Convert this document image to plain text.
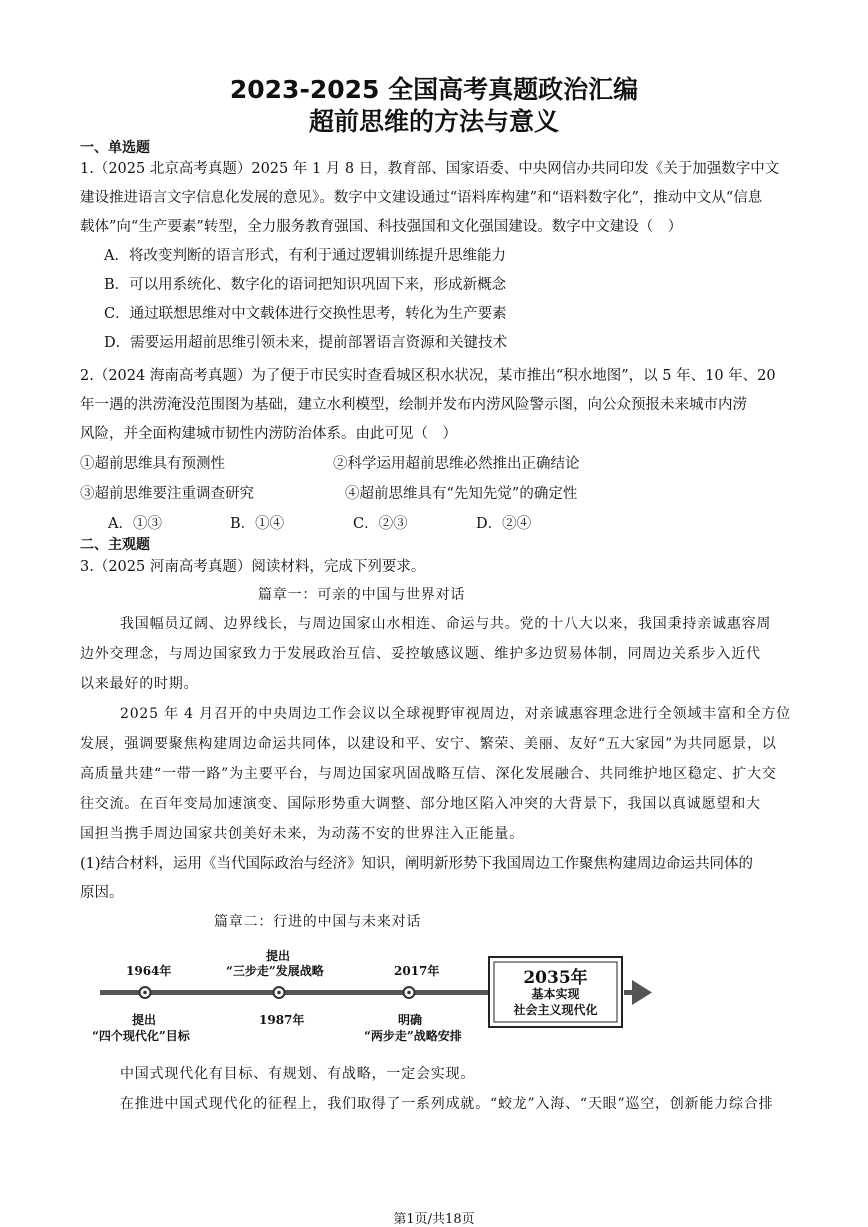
2023-2025 全国高考真题政治汇编
超前思维的方法与意义
一、单选题
1.（2025 北京高考真题）2025 年 1 月 8 日，教育部、国家语委、中央网信办共同印发《关于加强数字中文
建设推进语言文字信息化发展的意见》。数字中文建设通过“语料库构建”和“语料数字化”，推动中文从“信息
载体”向“生产要素”转型，全力服务教育强国、科技强国和文化强国建设。数字中文建设（　）
A．将改变判断的语言形式，有利于通过逻辑训练提升思维能力
B．可以用系统化、数字化的语词把知识巩固下来，形成新概念
C．通过联想思维对中文载体进行交换性思考，转化为生产要素
D．需要运用超前思维引领未来，提前部署语言资源和关键技术
2.（2024 海南高考真题）为了便于市民实时查看城区积水状况，某市推出“积水地图”，以 5 年、10 年、20
年一遇的洪涝淹没范围图为基础，建立水利模型，绘制并发布内涝风险警示图，向公众预报未来城市内涝
风险，并全面构建城市韧性内涝防治体系。由此可见（　）
①超前思维具有预测性	②科学运用超前思维必然推出正确结论
③超前思维要注重调查研究	④超前思维具有“先知先觉”的确定性
A．①③	B．①④	C．②③	D．②④
二、主观题
3.（2025 河南高考真题）阅读材料，完成下列要求。
篇章一：可亲的中国与世界对话
我国幅员辽阔、边界线长，与周边国家山水相连、命运与共。党的十八大以来，我国秉持亲诚惠容周
边外交理念，与周边国家致力于发展政治互信、妥控敏感议题、维护多边贸易体制，同周边关系步入近代
以来最好的时期。
2025 年 4 月召开的中央周边工作会议以全球视野审视周边，对亲诚惠容理念进行全领域丰富和全方位
发展，强调要聚焦构建周边命运共同体，以建设和平、安宁、繁荣、美丽、友好“五大家园”为共同愿景，以
高质量共建“一带一路”为主要平台，与周边国家巩固战略互信、深化发展融合、共同维护地区稳定、扩大交
往交流。在百年变局加速演变、国际形势重大调整、部分地区陷入冲突的大背景下，我国以真诚愿望和大
国担当携手周边国家共创美好未来，为动荡不安的世界注入正能量。
(1)结合材料，运用《当代国际政治与经济》知识，阐明新形势下我国周边工作聚焦构建周边命运共同体的
原因。
篇章二：行进的中国与未来对话
1964年
提出
“四个现代化”目标
提出
“三步走”发展战略
1987年
2017年
明确
“两步走”战略安排
2035年
基本实现
社会主义现代化
中国式现代化有目标、有规划、有战略，一定会实现。
在推进中国式现代化的征程上，我们取得了一系列成就。“蛟龙”入海、“天眼”巡空，创新能力综合排
第1页/共18页
